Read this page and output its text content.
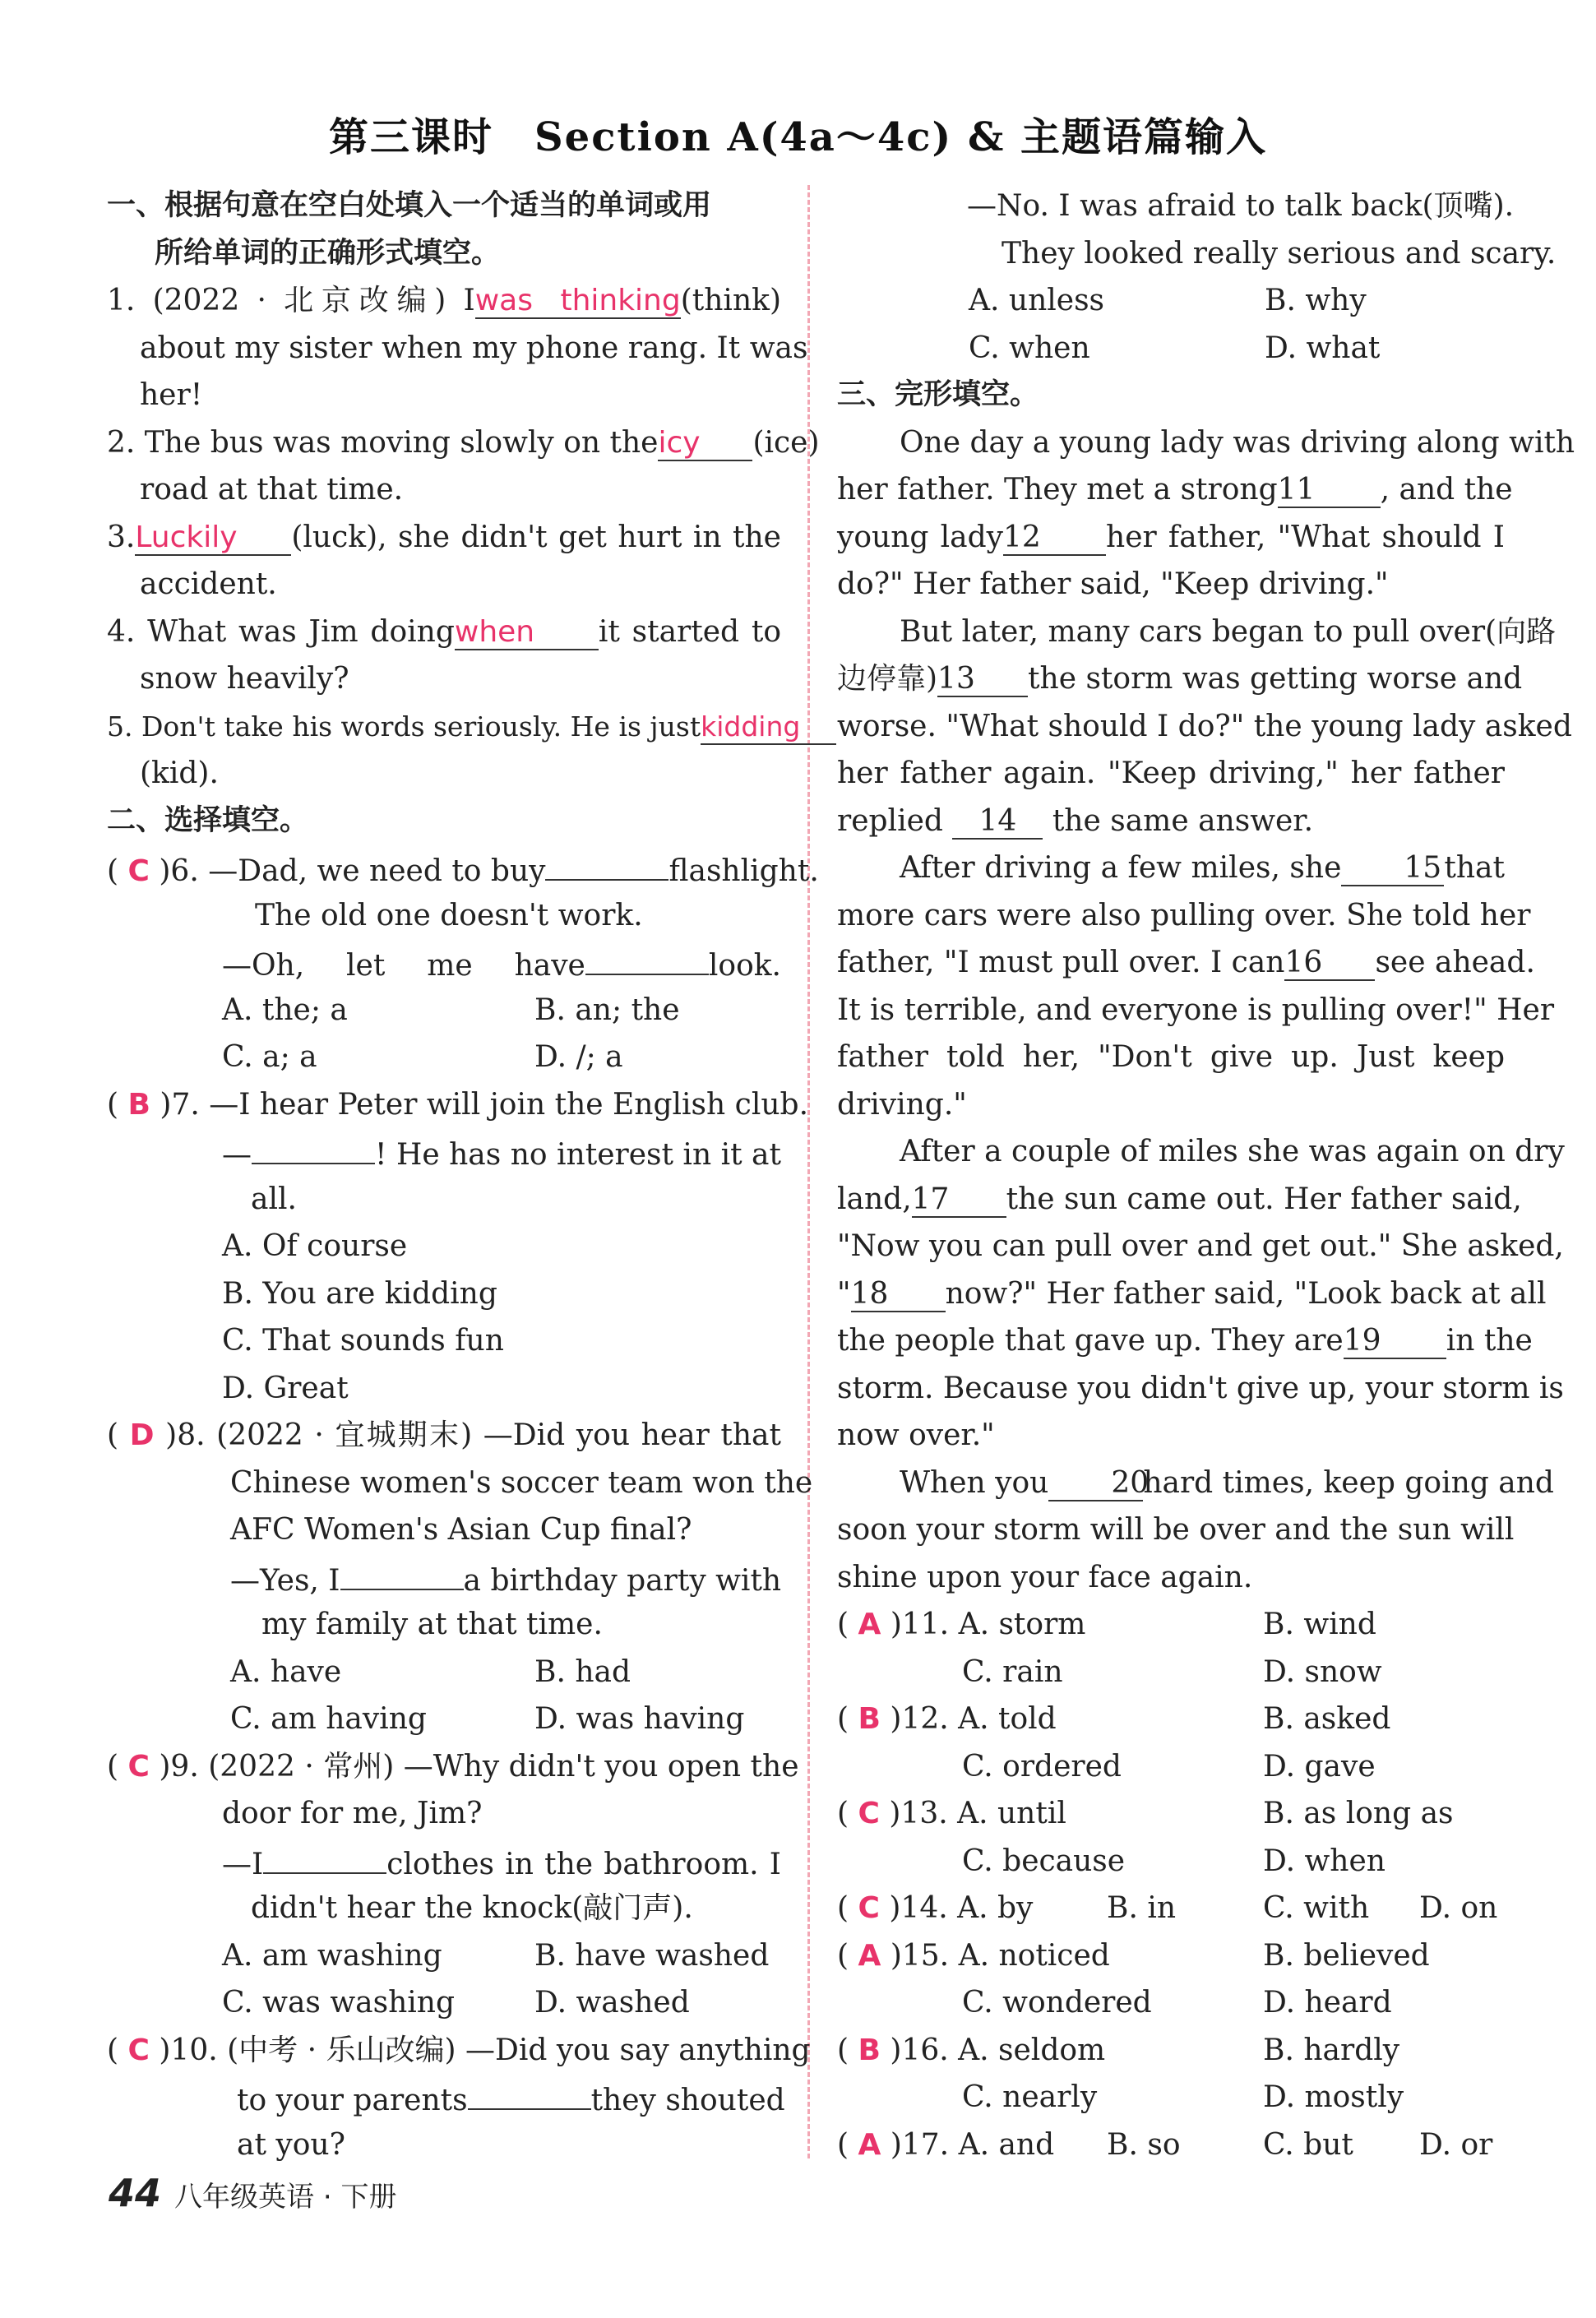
第三课时　Section A(4a～4c) & 主题语篇输入
一、根据句意在空白处填入一个适当的单词或用
所给单词的正确形式填空。
1. (2022 · 北京改编) Iwas thinking(think)
about my sister when my phone rang. It was
her!
2. The bus was moving slowly on theicy (ice)
road at that time.
3.Luckily (luck), she didn't get hurt in the
accident.
4. What was Jim doingwhen it started to
snow heavily?
5. Don't take his words seriously. He is justkidding
(kid).
二、选择填空。
( C )6. —Dad, we need to buy	flashlight.
The old one doesn't work.
—Oh, let me have	look.
A. the; a	B. an; the
C. a; a	D. /; a
( B )7. —I hear Peter will join the English club.
—	! He has no interest in it at
all.
A. Of course
B. You are kidding
C. That sounds fun
D. Great
( D )8. (2022 · 宜城期末) —Did you hear that
Chinese women's soccer team won the
AFC Women's Asian Cup final?
—Yes, I	a birthday party with
my family at that time.
A. have	B. had
C. am having	D. was having
( C )9. (2022 · 常州) —Why didn't you open the
door for me, Jim?
—I	clothes in the bathroom. I
didn't hear the knock(敲门声).
A. am washing	B. have washed
C. was washing	D. washed
( C )10. (中考 · 乐山改编) —Did you say anything
to your parents	they shouted
at you?
—No. I was afraid to talk back(顶嘴).
They looked really serious and scary.
A. unless	B. why
C. when	D. what
三、完形填空。
One day a young lady was driving along with
her father. They met a strong11 , and the
young lady12 her father, "What should I
do?" Her father said, "Keep driving."
But later, many cars began to pull over(向路
边停靠)13 the storm was getting worse and
worse. "What should I do?" the young lady asked
her father again. "Keep driving," her father
replied 14 the same answer.
After driving a few miles, she 15that
more cars were also pulling over. She told her
father, "I must pull over. I can16 see ahead.
It is terrible, and everyone is pulling over!" Her
father told her, "Don't give up. Just keep
driving."
After a couple of miles she was again on dry
land,17 the sun came out. Her father said,
"Now you can pull over and get out." She asked,
"18 now?" Her father said, "Look back at all
the people that gave up. They are19 in the
storm. Because you didn't give up, your storm is
now over."
When you 20hard times, keep going and
soon your storm will be over and the sun will
shine upon your face again.
( A )11. A. storm	B. wind
C. rain	D. snow
( B )12. A. told	B. asked
C. ordered	D. gave
( C )13. A. until	B. as long as
C. because	D. when
( C )14. A. by B. in	C. with D. on
( A )15. A. noticed	B. believed
C. wondered	D. heard
( B )16. A. seldom	B. hardly
C. nearly	D. mostly
( A )17. A. and B. so	C. but D. or
44 八年级英语 · 下册
